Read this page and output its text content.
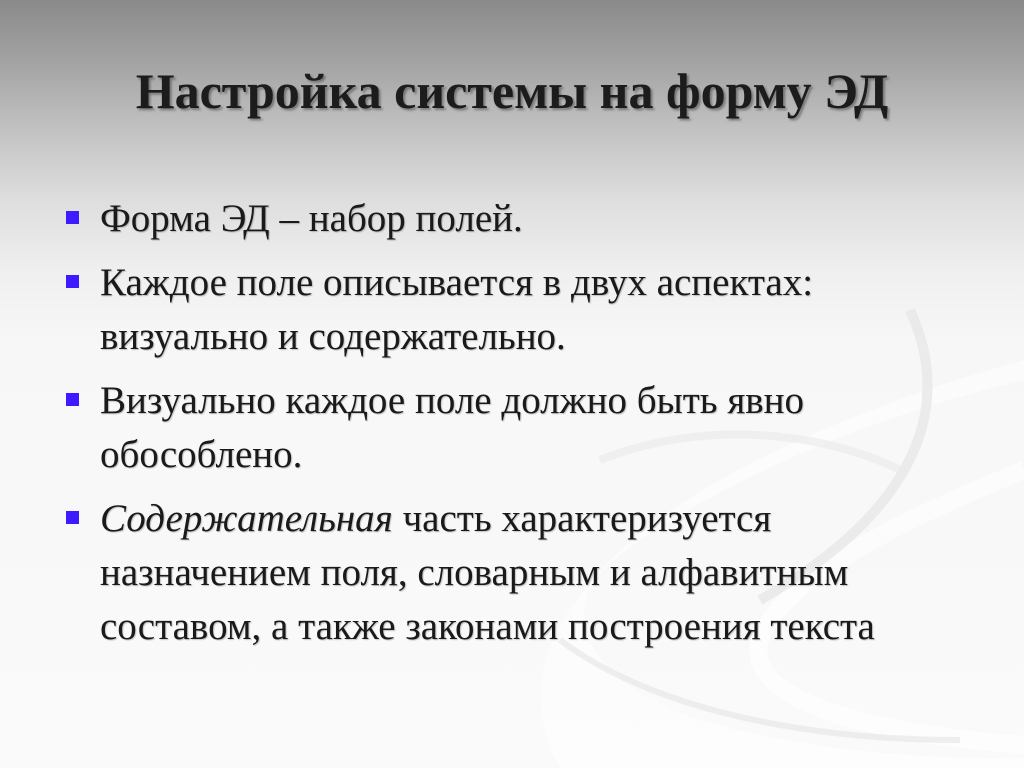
Настройка системы на форму ЭД
Форма ЭД – набор полей.
Каждое поле описывается в двух аспектах: визуально и содержательно.
Визуально каждое поле должно быть явно обособлено.
Содержательная часть характеризуется назначением поля, словарным и алфавитным составом, а также законами построения текста
